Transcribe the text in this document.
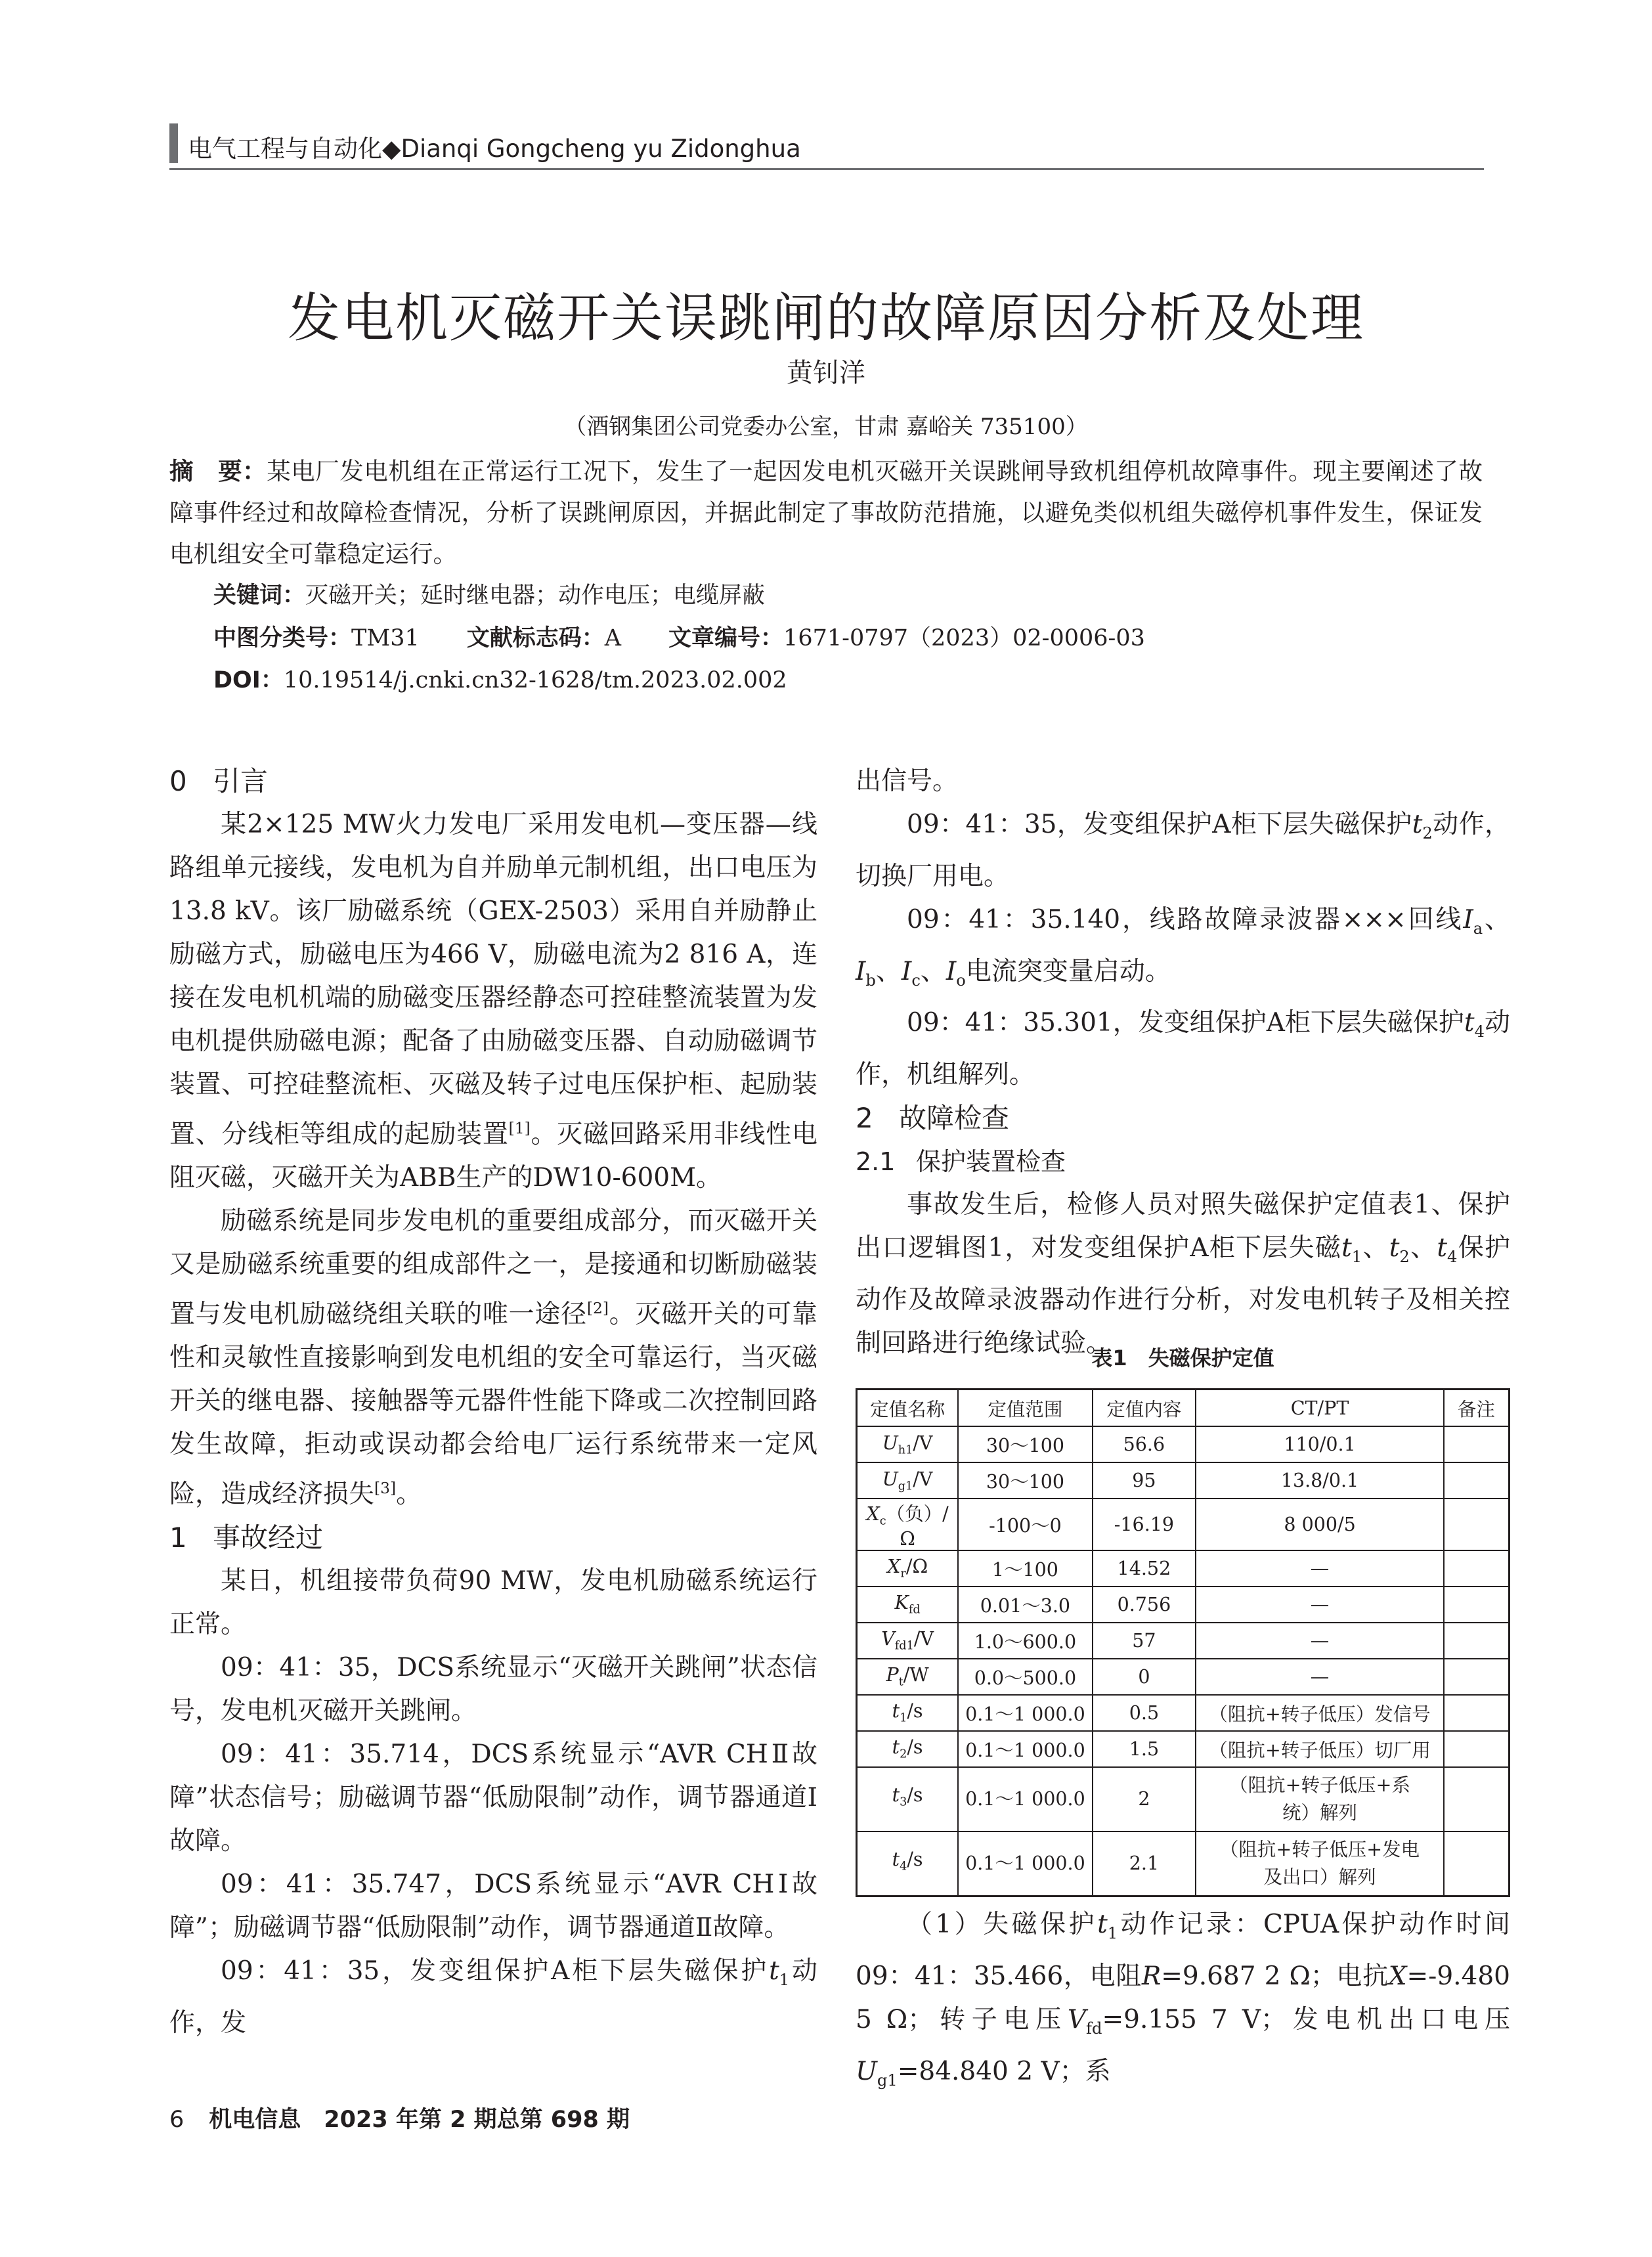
电气工程与自动化◆Dianqi Gongcheng yu Zidonghua
发电机灭磁开关误跳闸的故障原因分析及处理
黄钊洋
（酒钢集团公司党委办公室，甘肃 嘉峪关 735100）
摘　要：某电厂发电机组在正常运行工况下，发生了一起因发电机灭磁开关误跳闸导致机组停机故障事件。现主要阐述了故障事件经过和故障检查情况，分析了误跳闸原因，并据此制定了事故防范措施，以避免类似机组失磁停机事件发生，保证发电机组安全可靠稳定运行。
关键词：灭磁开关；延时继电器；动作电压；电缆屏蔽
中图分类号：TM31 文献标志码：A 文章编号：1671-0797（2023）02-0006-03
DOI：10.19514/j.cnki.cn32-1628/tm.2023.02.002
0 引言

某2×125 MW火力发电厂采用发电机—变压器—线路组单元接线，发电机为自并励单元制机组，出口电压为13.8 kV。该厂励磁系统（GEX-2503）采用自并励静止励磁方式，励磁电压为466 V，励磁电流为2 816 A，连接在发电机机端的励磁变压器经静态可控硅整流装置为发电机提供励磁电源；配备了由励磁变压器、自动励磁调节装置、可控硅整流柜、灭磁及转子过电压保护柜、起励装置、分线柜等组成的起励装置[1]。灭磁回路采用非线性电阻灭磁，灭磁开关为ABB生产的DW10-600M。

励磁系统是同步发电机的重要组成部分，而灭磁开关又是励磁系统重要的组成部件之一，是接通和切断励磁装置与发电机励磁绕组关联的唯一途径[2]。灭磁开关的可靠性和灵敏性直接影响到发电机组的安全可靠运行，当灭磁开关的继电器、接触器等元器件性能下降或二次控制回路发生故障，拒动或误动都会给电厂运行系统带来一定风险，造成经济损失[3]。

1 事故经过

某日，机组接带负荷90 MW，发电机励磁系统运行正常。

09：41：35，DCS系统显示“灭磁开关跳闸”状态信号，发电机灭磁开关跳闸。

09：41：35.714，DCS系统显示“AVR CHⅡ故障”状态信号；励磁调节器“低励限制”动作，调节器通道Ⅰ故障。

09：41：35.747，DCS系统显示“AVR CHⅠ故障”；励磁调节器“低励限制”动作，调节器通道Ⅱ故障。

09：41：35，发变组保护A柜下层失磁保护$t_1$动作，发

出信号。

09：41：35，发变组保护A柜下层失磁保护$t_2$动作，切换厂用电。

09：41：35.140，线路故障录波器×××回线$I_a$、$I_b$、$I_c$、$I_o$电流突变量启动。

09：41：35.301，发变组保护A柜下层失磁保护$t_4$动作，机组解列。

2 故障检查
2.1 保护装置检查

事故发生后，检修人员对照失磁保护定值表1、保护出口逻辑图1，对发变组保护A柜下层失磁$t_1$、$t_2$、$t_4$保护动作及故障录波器动作进行分析，对发电机转子及相关控制回路进行绝缘试验。

表1　失磁保护定值
定值名称	定值范围	定值内容	CT/PT	备注
$U_{h1}/V$	30～100	56.6	110/0.1	
$U_{g1}/V$	30～100	95	13.8/0.1	
$X_c$（负）/Ω	-100～0	-16.19	8 000/5	
$X_r/\Omega$	1～100	14.52	—	
$K_{fd}$	0.01～3.0	0.756	—	
$V_{fd1}/V$	1.0～600.0	57	—	
$P_t/W$	0.0～500.0	0	—	
$t_1/s$	0.1～1 000.0	0.5	（阻抗+转子低压）发信号	
$t_2/s$	0.1～1 000.0	1.5	（阻抗+转子低压）切厂用	
$t_3/s$	0.1～1 000.0	2	（阻抗+转子低压+系统）解列	
$t_4/s$	0.1～1 000.0	2.1	（阻抗+转子低压+发电及出口）解列	

（1）失磁保护$t_1$动作记录：CPUA保护动作时间09：41：35.466，电阻R=9.687 2 Ω；电抗X=-9.480 5 Ω；转子电压$V_{fd}=9.155$ 7 V；发电机出口电压$U_{g1}=84.840$ 2 V；系

6 机电信息　2023 年第 2 期总第 698 期
